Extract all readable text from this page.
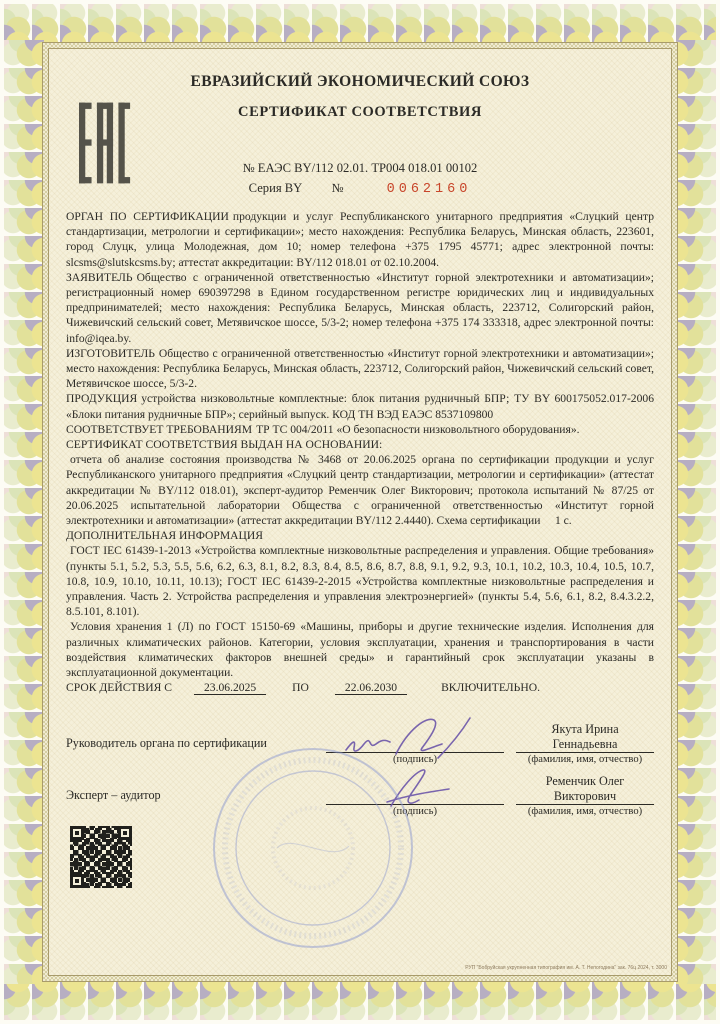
ЕВРАЗИЙСКИЙ ЭКОНОМИЧЕСКИЙ СОЮЗ
СЕРТИФИКАТ СООТВЕТСТВИЯ
№ ЕАЭС BY/112 02.01. ТР004 018.01 00102
Серия BY №	0062160

ОРГАН ПО СЕРТИФИКАЦИИ продукции и услуг Республиканского унитарного предприятия «Слуцкий центр стандартизации, метрологии и сертификации»; место нахождения: Республика Беларусь, Минская область, 223601, город Слуцк, улица Молодежная, дом 10; номер телефона +375 1795 45771; адрес электронной почты: slcsms@slutskcsms.by; аттестат аккредитации: BY/112 018.01 от 02.10.2004.

ЗАЯВИТЕЛЬ Общество с ограниченной ответственностью «Институт горной электротехники и автоматизации»; регистрационный номер 690397298 в Едином государственном регистре юридических лиц и индивидуальных предпринимателей; место нахождения: Республика Беларусь, Минская область, 223712, Солигорский район, Чижевичский сельский совет, Метявичское шоссе, 5/3-2; номер телефона +375 174 333318, адрес электронной почты: info@iqea.by.

ИЗГОТОВИТЕЛЬ Общество с ограниченной ответственностью «Институт горной электротехники и автоматизации»; место нахождения: Республика Беларусь, Минская область, 223712, Солигорский район, Чижевичский сельский совет, Метявичское шоссе, 5/3-2.

ПРОДУКЦИЯ устройства низковольтные комплектные: блок питания рудничный БПР; ТУ BY 600175052.017-2006 «Блоки питания рудничные БПР»; серийный выпуск. КОД ТН ВЭД ЕАЭС 8537109800

СООТВЕТСТВУЕТ ТРЕБОВАНИЯМ ТР ТС 004/2011 «О безопасности низковольтного оборудования».

СЕРТИФИКАТ СООТВЕТСТВИЯ ВЫДАН НА ОСНОВАНИИ:

отчета об анализе состояния производства № 3468 от 20.06.2025 органа по сертификации продукции и услуг Республиканского унитарного предприятия «Слуцкий центр стандартизации, метрологии и сертификации» (аттестат аккредитации № BY/112 018.01), эксперт-аудитор Ременчик Олег Викторович; протокола испытаний № 87/25 от 20.06.2025 испытательной лаборатории Общества с ограниченной ответственностью «Институт горной электротехники и автоматизации» (аттестат аккредитации BY/112 2.4440). Схема сертификации  1 с.

ДОПОЛНИТЕЛЬНАЯ ИНФОРМАЦИЯ

ГОСТ IEC 61439-1-2013 «Устройства комплектные низковольтные распределения и управления. Общие требования» (пункты 5.1, 5.2, 5.3, 5.5, 5.6, 6.2, 6.3, 8.1, 8.2, 8.3, 8.4, 8.5, 8.6, 8.7, 8.8, 9.1, 9.2, 9.3, 10.1, 10.2, 10.3, 10.4, 10.5, 10.7, 10.8, 10.9, 10.10, 10.11, 10.13); ГОСТ IEC 61439-2-2015 «Устройства комплектные низковольтные распределения и управления. Часть 2. Устройства распределения и управления электроэнергией» (пункты 5.4, 5.6, 6.1, 8.2, 8.4.3.2.2, 8.5.101, 8.101).

Условия хранения 1 (Л) по ГОСТ 15150-69 «Машины, приборы и другие технические изделия. Исполнения для различных климатических районов. Категории, условия эксплуатации, хранения и транспортирования в части воздействия климатических факторов внешней среды» и гарантийный срок эксплуатации указаны в эксплуатационной документации.

СРОК ДЕЙСТВИЯ С	23.06.2025	ПО	22.06.2030	ВКЛЮЧИТЕЛЬНО.

Руководитель органа по сертификации
(подпись)
Якута Ирина Геннадьевна
(фамилия, имя, отчество)
Эксперт – аудитор
(подпись)
Ременчик Олег Викторович
(фамилия, имя, отчество)
РУП "Бобруйская укрупненная типография им. А. Т. Непогодина" зак. 76ц 2024, т. 3000
